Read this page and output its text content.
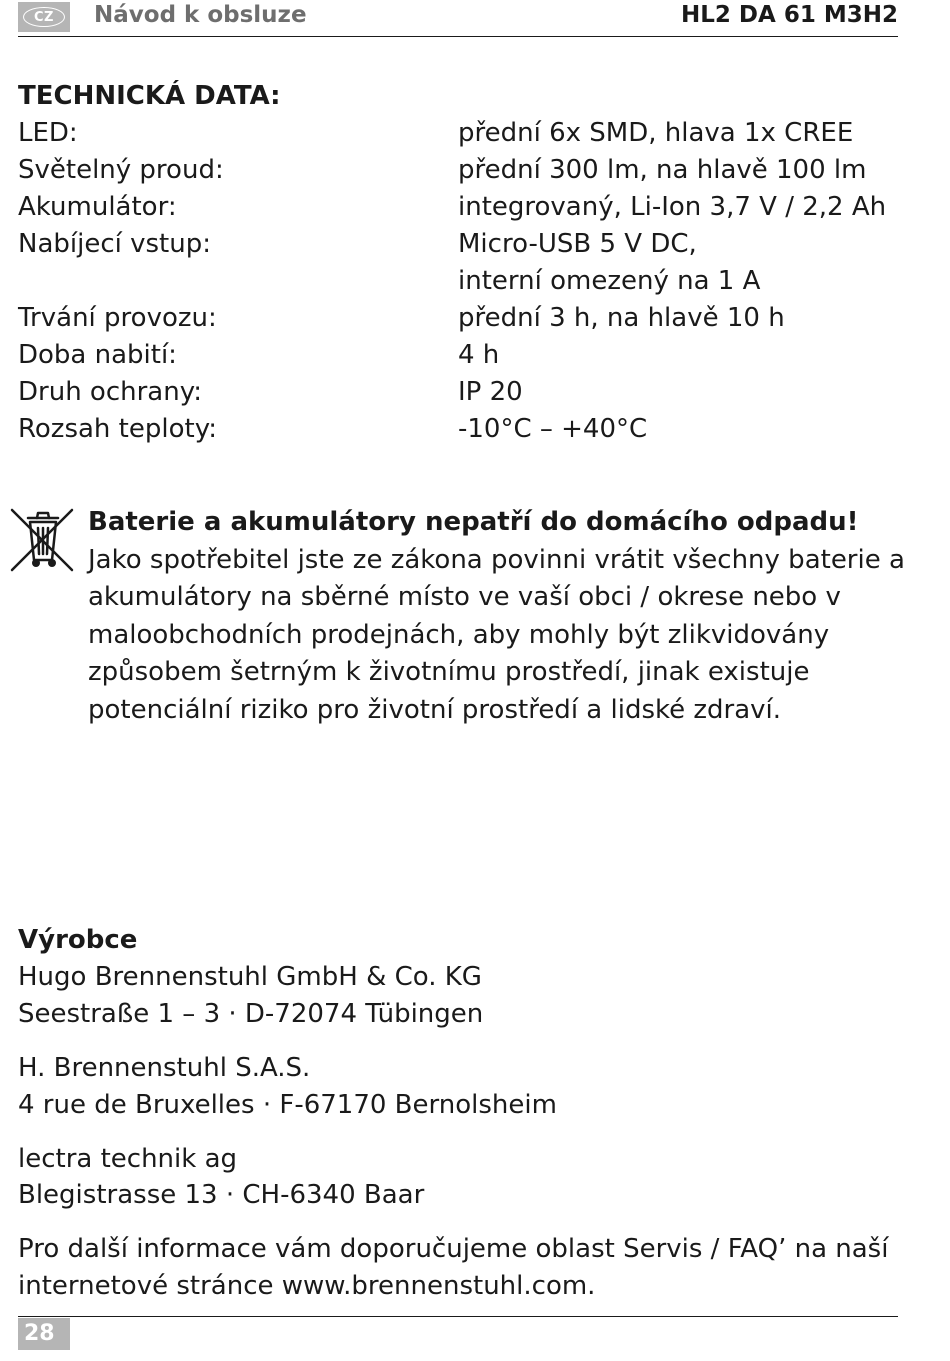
CZ	Návod k obsluze	HL2 DA 61 M3H2
TECHNICKÁ DATA:
LED:	přední 6x SMD, hlava 1x CREE
Světelný proud:	přední 300 lm, na hlavě 100 lm
Akumulátor:	integrovaný, Li-Ion 3,7 V / 2,2 Ah
Nabíjecí vstup:	Micro-USB 5 V DC,
interní omezený na 1 A
Trvání provozu:	přední 3 h, na hlavě 10 h
Doba nabití:	4 h
Druh ochrany:	IP 20
Rozsah teploty:	-10°C – +40°C
Baterie a akumulátory nepatří do domácího odpadu!
Jako spotřebitel jste ze zákona povinni vrátit všechny baterie a akumulátory na sběrné místo ve vaší obci / okrese nebo v maloobchodních prodejnách, aby mohly být zlikvidovány způsobem šetrným k životnímu prostředí, jinak existuje potenciální riziko pro životní prostředí a lidské zdraví.
Výrobce
Hugo Brennenstuhl GmbH & Co. KG
Seestraße 1 – 3 · D-72074 Tübingen
H. Brennenstuhl S.A.S.
4 rue de Bruxelles · F-67170 Bernolsheim
lectra technik ag
Blegistrasse 13 · CH-6340 Baar
Pro další informace vám doporučujeme oblast Servis / FAQ’ na naší internetové stránce www.brennenstuhl.com.
28
